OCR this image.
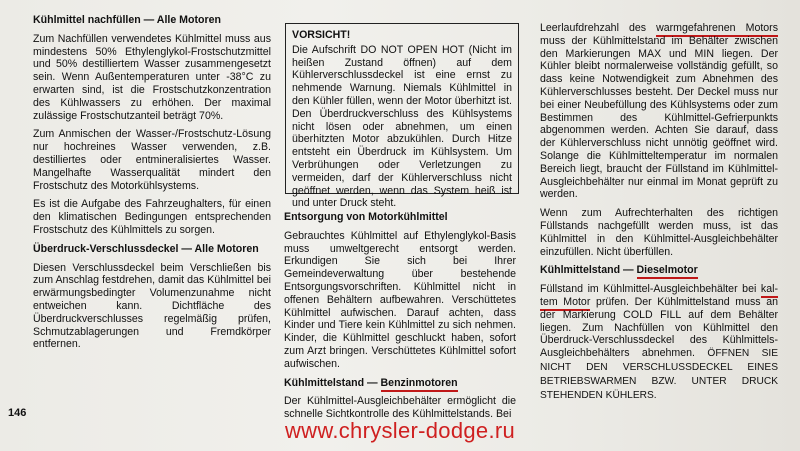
Kühlmittel nachfüllen — Alle Motoren

Zum Nachfüllen verwendetes Kühlmittel muss aus mindestens 50% Ethylenglykol-Frostschutzmittel und 50% destilliertem Wasser zusammengesetzt sein. Wenn Außentemperaturen unter -38°C zu erwarten sind, ist die Frostschutzkonzentration des Kühlwassers zu erhöhen. Der maximal zulässige Frostschutzanteil beträgt 70%.

Zum Anmischen der Wasser-/Frostschutz-Lösung nur hochreines Wasser verwenden, z.B. destilliertes oder entmineralisiertes Wasser. Mangelhafte Wasserqualität mindert den Frostschutz des Motorkühlsystems.

Es ist die Aufgabe des Fahrzeughalters, für einen den klimatischen Bedingungen entsprechenden Frostschutz des Kühlmittels zu sorgen.

Überdruck-Verschlussdeckel — Alle Motoren

Diesen Verschlussdeckel beim Verschließen bis zum Anschlag festdrehen, damit das Kühlmittel bei erwärmungsbedingter Volumenzunahme nicht entweichen kann. Dichtfläche des Überdruckverschlusses regelmäßig prüfen, Schmutzablagerungen und Fremdkörper entfernen.

VORSICHT!
Die Aufschrift DO NOT OPEN HOT (Nicht im heißen Zustand öffnen) auf dem Kühlerverschlussdeckel ist eine ernst zu nehmende Warnung. Niemals Kühlmittel in den Kühler füllen, wenn der Motor überhitzt ist. Den Überdruckverschluss des Kühlsystems nicht lösen oder abnehmen, um einen überhitzten Motor abzukühlen. Durch Hitze entsteht ein Überdruck im Kühlsystem. Um Verbrühungen oder Verletzungen zu vermeiden, darf der Kühlerverschluss nicht geöffnet werden, wenn das System heiß ist und unter Druck steht.

Entsorgung von Motorkühlmittel

Gebrauchtes Kühlmittel auf Ethylenglykol-Basis muss umweltgerecht entsorgt werden. Erkundigen Sie sich bei Ihrer Gemeindeverwaltung über bestehende Entsorgungsvorschriften. Kühlmittel nicht in offenen Behältern aufbewahren. Verschüttetes Kühlmittel aufwischen. Darauf achten, dass Kinder und Tiere kein Kühlmittel zu sich nehmen. Kinder, die Kühlmittel geschluckt haben, sofort zum Arzt bringen. Verschüttetes Kühlmittel sofort aufwischen.

Kühlmittelstand — Benzinmotoren

Der Kühlmittel-Ausgleichbehälter ermöglicht die schnelle Sichtkontrolle des Kühlmittelstands. Bei

Leerlaufdrehzahl des warmgefahrenen Motors muss der Kühlmittelstand im Behälter zwischen den Markierungen MAX und MIN liegen. Der Kühler bleibt normalerweise vollständig gefüllt, so dass keine Notwendigkeit zum Abnehmen des Kühlerverschlusses besteht. Der Deckel muss nur bei einer Neubefüllung des Kühlsystems oder zum Bestimmen des Kühlmittel-Gefrierpunkts abgenommen werden. Achten Sie darauf, dass der Kühlerverschluss nicht unnötig geöffnet wird. Solange die Kühlmitteltemperatur im normalen Bereich liegt, braucht der Füllstand im Kühlmittel-Ausgleichbehälter nur einmal im Monat geprüft zu werden.

Wenn zum Aufrechterhalten des richtigen Füllstands nachgefüllt werden muss, ist das Kühlmittel in den Kühlmittel-Ausgleichbehälter einzufüllen. Nicht überfüllen.

Kühlmittelstand — Dieselmotor

Füllstand im Kühlmittel-Ausgleichbehälter bei kal- tem Motor prüfen. Der Kühlmittelstand muss an der Markierung COLD FILL auf dem Behälter liegen. Zum Nachfüllen von Kühlmittel den Überdruck-Verschlussdeckel des Kühlmittels-Ausgleichbehälters abnehmen. ÖFFNEN SIE NICHT DEN VERSCHLUSSDECKEL EINES BETRIEBSWARMEN BZW. UNTER DRUCK STEHENDEN KÜHLERS.

146
www.chrysler-dodge.ru
